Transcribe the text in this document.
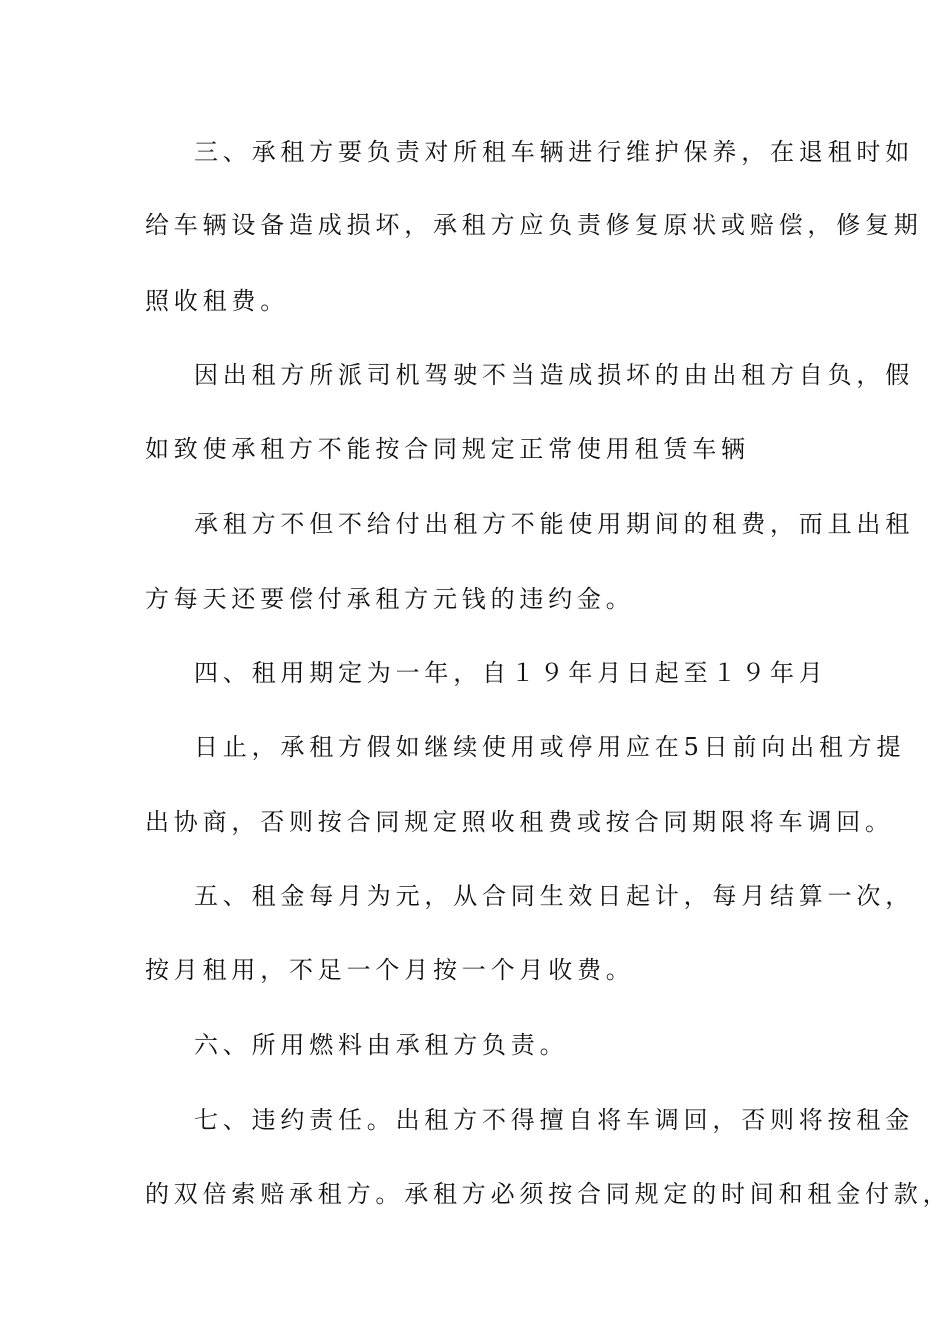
三、承租方要负责对所租车辆进行维护保养，在退租时如
给车辆设备造成损坏，承租方应负责修复原状或赔偿，修复期
照收租费。
因出租方所派司机驾驶不当造成损坏的由出租方自负，假
如致使承租方不能按合同规定正常使用租赁车辆
承租方不但不给付出租方不能使用期间的租费，而且出租
方每天还要偿付承租方元钱的违约金。
四、租用期定为一年，自１９年月日起至１９年月
日止，承租方假如继续使用或停用应在5日前向出租方提
出协商，否则按合同规定照收租费或按合同期限将车调回。
五、租金每月为元，从合同生效日起计，每月结算一次，
按月租用，不足一个月按一个月收费。
六、所用燃料由承租方负责。
七、违约责任。出租方不得擅自将车调回，否则将按租金
的双倍索赔承租方。承租方必须按合同规定的时间和租金付款，
